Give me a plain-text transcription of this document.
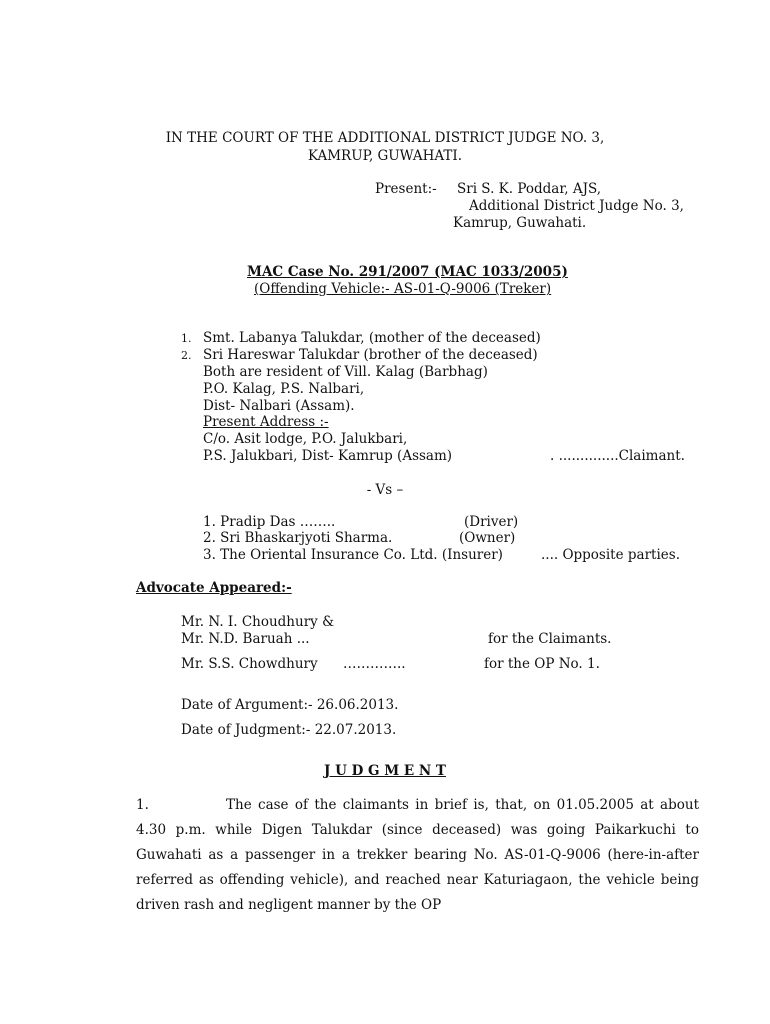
IN THE COURT OF THE ADDITIONAL DISTRICT JUDGE NO. 3,
KAMRUP, GUWAHATI.
Present:- Sri S. K. Poddar, AJS,
Additional District Judge No. 3,
Kamrup, Guwahati.
MAC Case No. 291/2007 (MAC 1033/2005)
(Offending Vehicle:- AS-01-Q-9006 (Treker)
1. Smt. Labanya Talukdar, (mother of the deceased)
2. Sri Hareswar Talukdar (brother of the deceased)
Both are resident of Vill. Kalag (Barbhag)
P.O. Kalag, P.S. Nalbari,
Dist- Nalbari (Assam).
Present Address :-
C/o. Asit lodge, P.O. Jalukbari,
P.S. Jalukbari, Dist- Kamrup (Assam)	. ..............Claimant.
- Vs –
1. Pradip Das ……..	(Driver)
2. Sri Bhaskarjyoti Sharma.	(Owner)
3. The Oriental Insurance Co. Ltd. (Insurer)	.... Opposite parties.
Advocate Appeared:-
Mr. N. I. Choudhury &
Mr. N.D. Baruah ...	for the Claimants.
Mr. S.S. Chowdhury …………..	for the OP No. 1.
Date of Argument:- 26.06.2013.
Date of Judgment:- 22.07.2013.
J U D G M E N T
1.	The case of the claimants in brief is, that, on 01.05.2005 at about 4.30 p.m. while Digen Talukdar (since deceased) was going Paikarkuchi to Guwahati as a passenger in a trekker bearing No. AS-01-Q-9006 (here-in-after referred as offending vehicle), and reached near Katuriagaon, the vehicle being driven rash and negligent manner by the OP
